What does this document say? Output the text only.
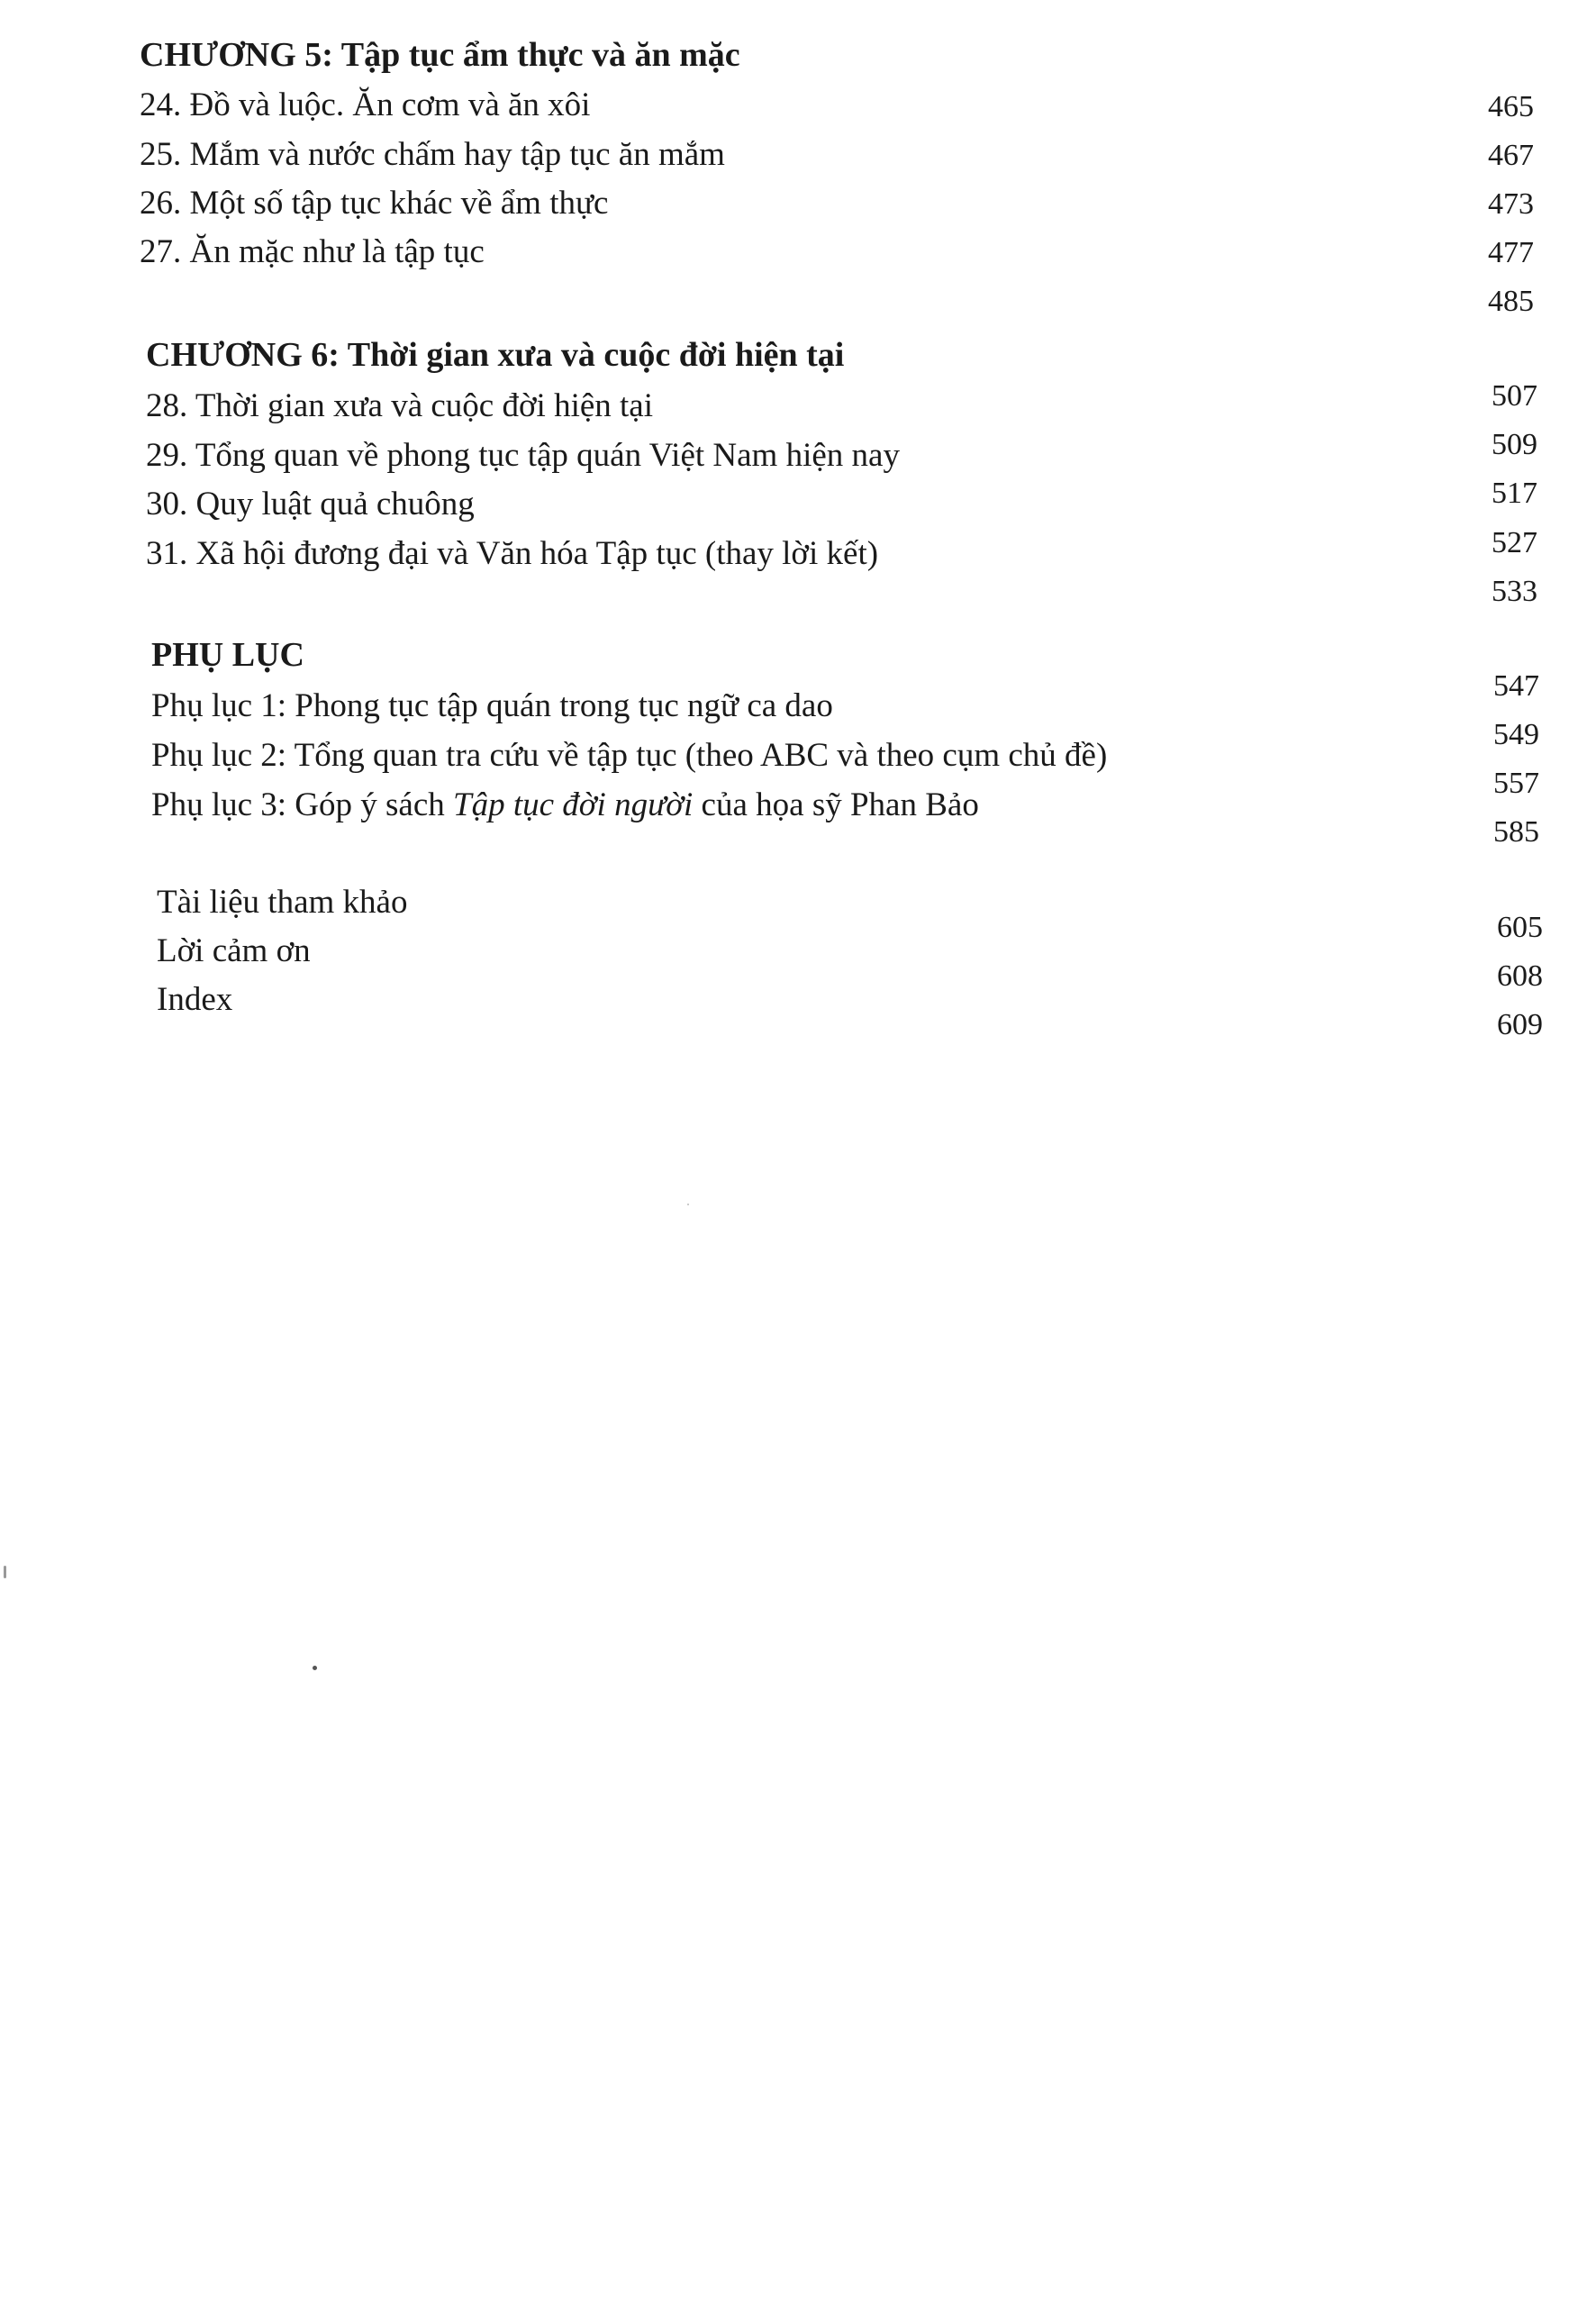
CHƯƠNG 5: Tập tục ẩm thực và ăn mặc
24. Đồ và luộc. Ăn cơm và ăn xôi
25. Mắm và nước chấm hay tập tục ăn mắm
26. Một số tập tục khác về ẩm thực
27. Ăn mặc như là tập tục
CHƯƠNG 6: Thời gian xưa và cuộc đời hiện tại
28. Thời gian xưa và cuộc đời hiện tại
29. Tổng quan về phong tục tập quán Việt Nam hiện nay
30. Quy luật quả chuông
31. Xã hội đương đại và Văn hóa Tập tục (thay lời kết)
PHỤ LỤC
Phụ lục 1: Phong tục tập quán trong tục ngữ ca dao
Phụ lục 2: Tổng quan tra cứu về tập tục (theo ABC và theo cụm chủ đề)
Phụ lục 3: Góp ý sách Tập tục đời người của họa sỹ Phan Bảo
Tài liệu tham khảo
Lời cảm ơn
Index
465
467
473
477
485
507
509
517
527
533
547
549
557
585
605
608
609
